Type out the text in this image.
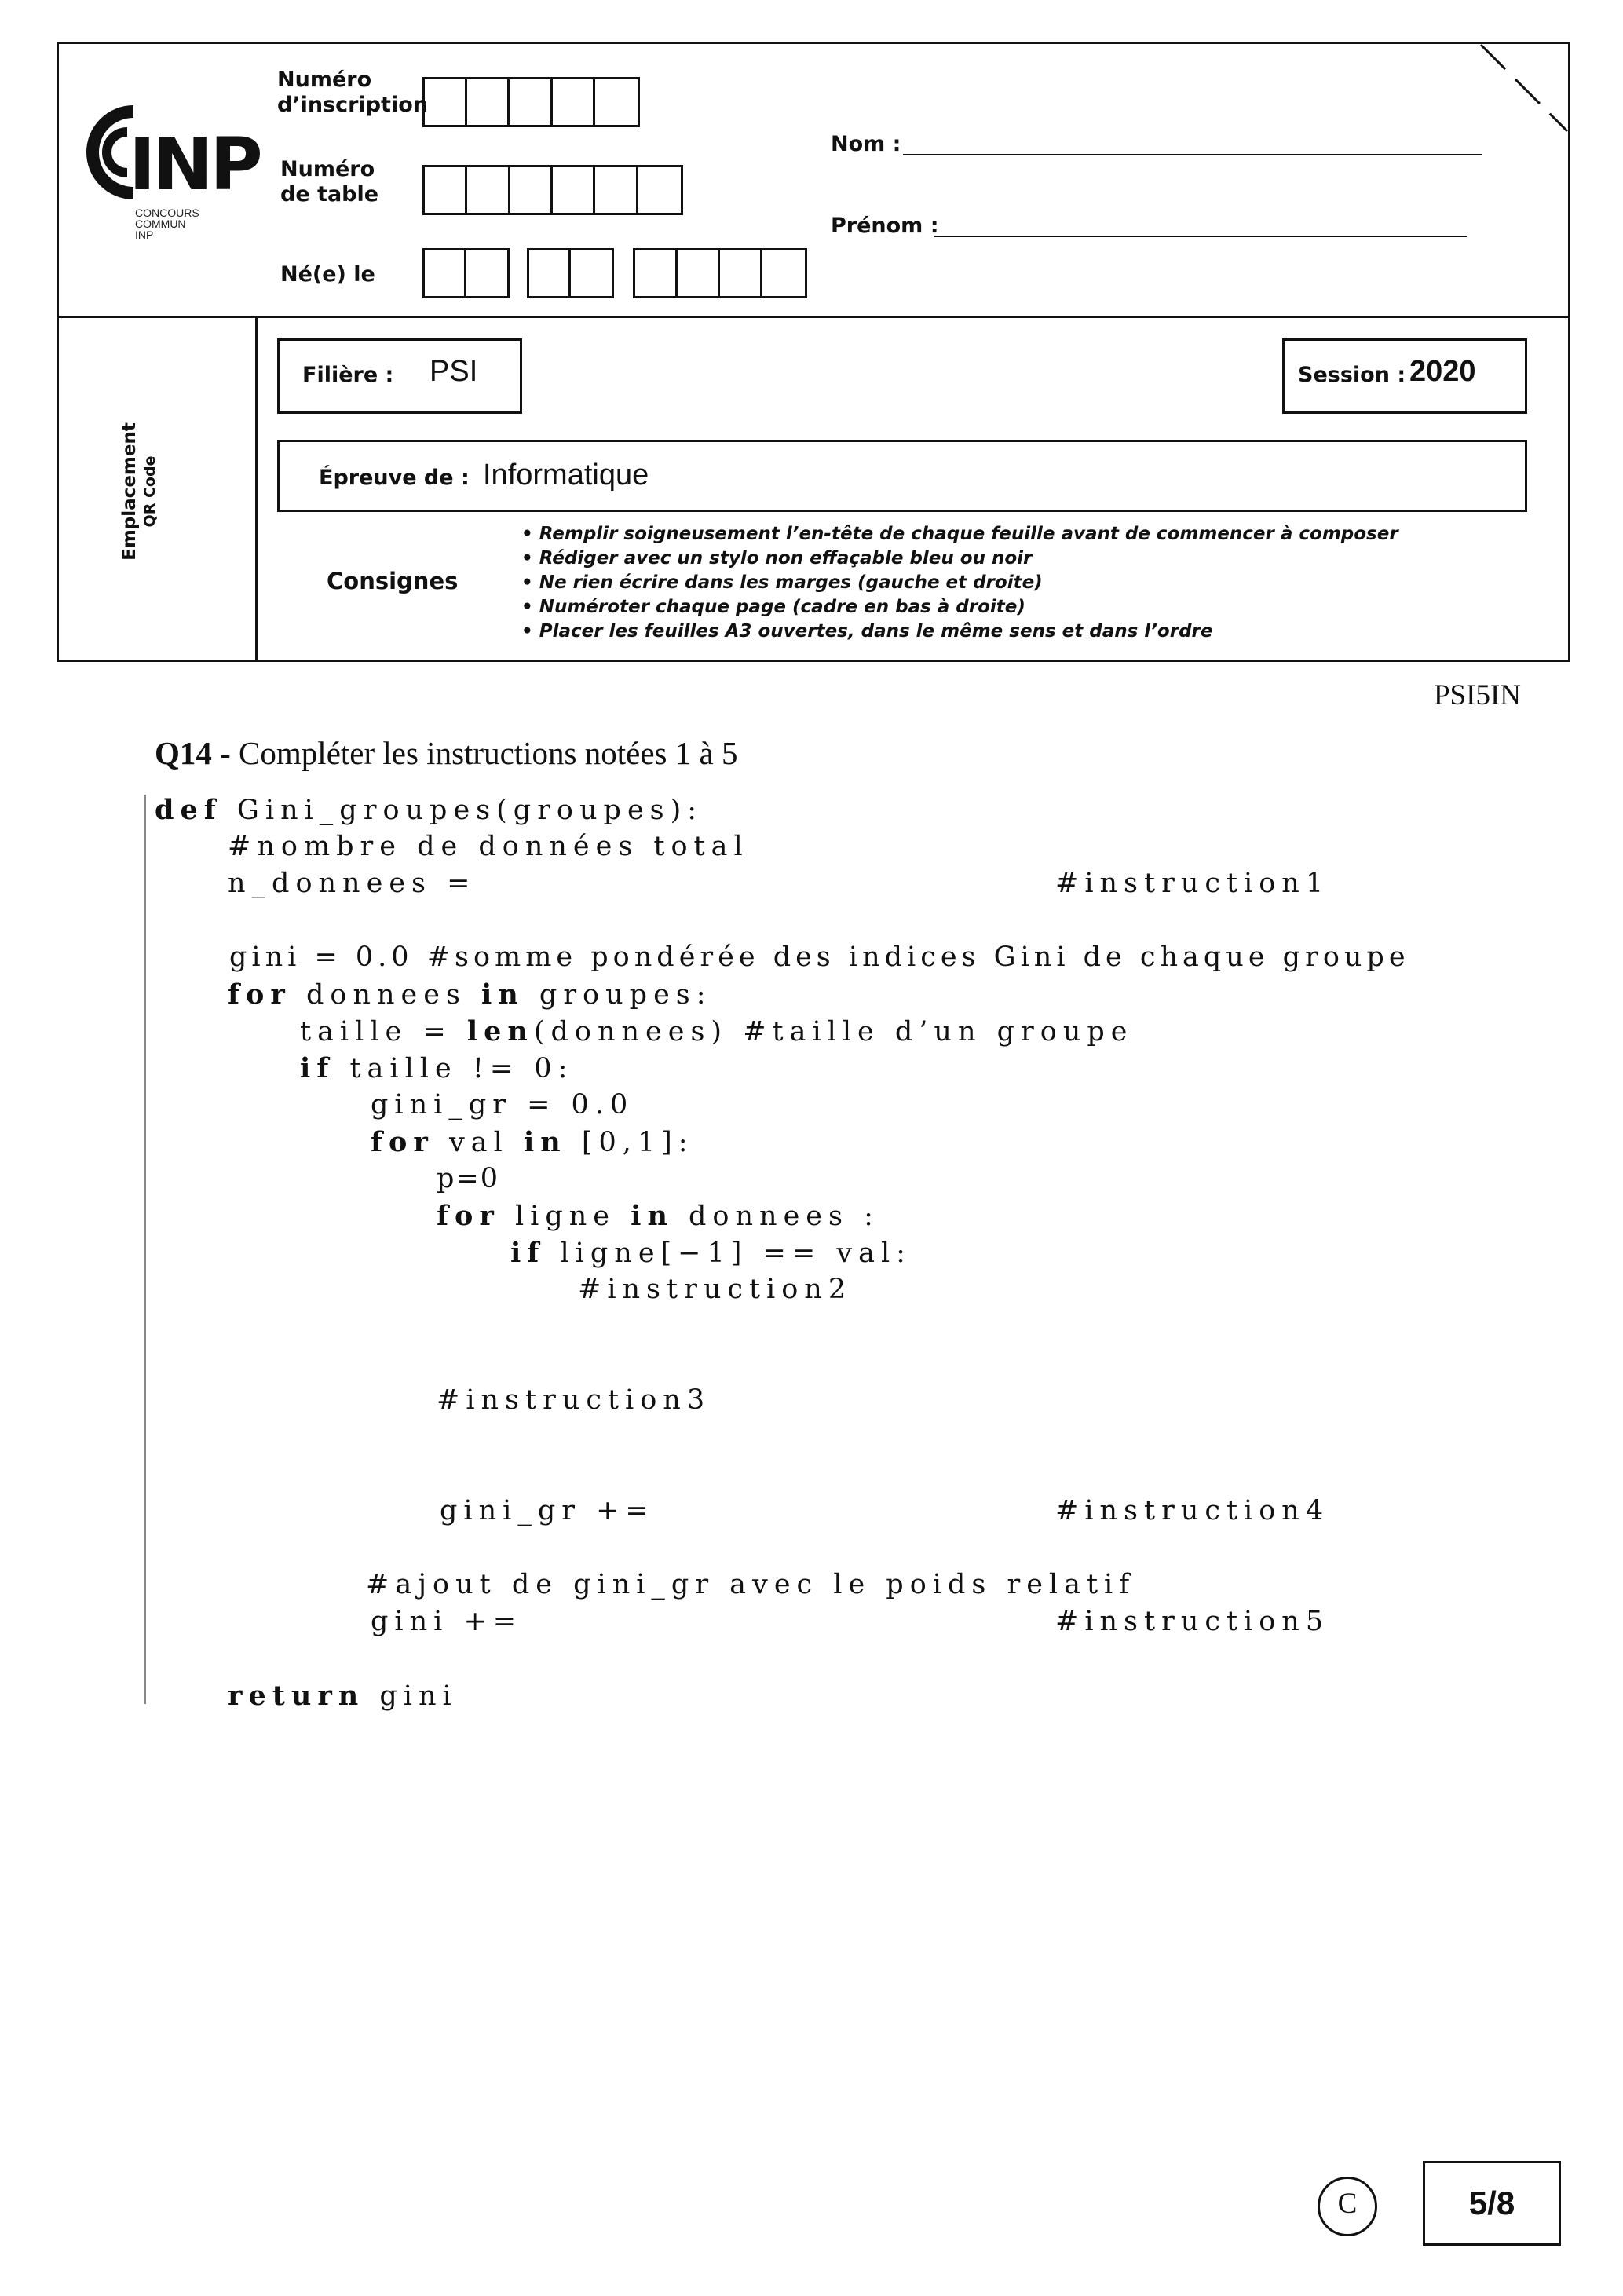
INP
CONCOURS
COMMUN
INP
Numéro
d’inscription
Numéro
de table
Né(e) le
Nom :
Prénom :
Emplacement QR Code
Filière : PSI	Session : 2020
Épreuve de : Informatique
Consignes
• Remplir soigneusement l’en-tête de chaque feuille avant de commencer à composer
• Rédiger avec un stylo non effaçable bleu ou noir
• Ne rien écrire dans les marges (gauche et droite)
• Numéroter chaque page (cadre en bas à droite)
• Placer les feuilles A3 ouvertes, dans le même sens et dans l’ordre
PSI5IN
Q14 - Compléter les instructions notées 1 à 5
def Gini_groupes(groupes):
#nombre de données total
n_donnees =	#instruction1
gini = 0.0 #somme pondérée des indices Gini de chaque groupe
for donnees in groupes:
taille = len(donnees) #taille d’un groupe
if taille != 0:
gini_gr = 0.0
for val in [0,1]:
p=0
for ligne in donnees :
if ligne[−1] == val:
#instruction2
#instruction3
gini_gr +=	#instruction4
#ajout de gini_gr avec le poids relatif
gini +=	#instruction5
return gini
C	5/8
